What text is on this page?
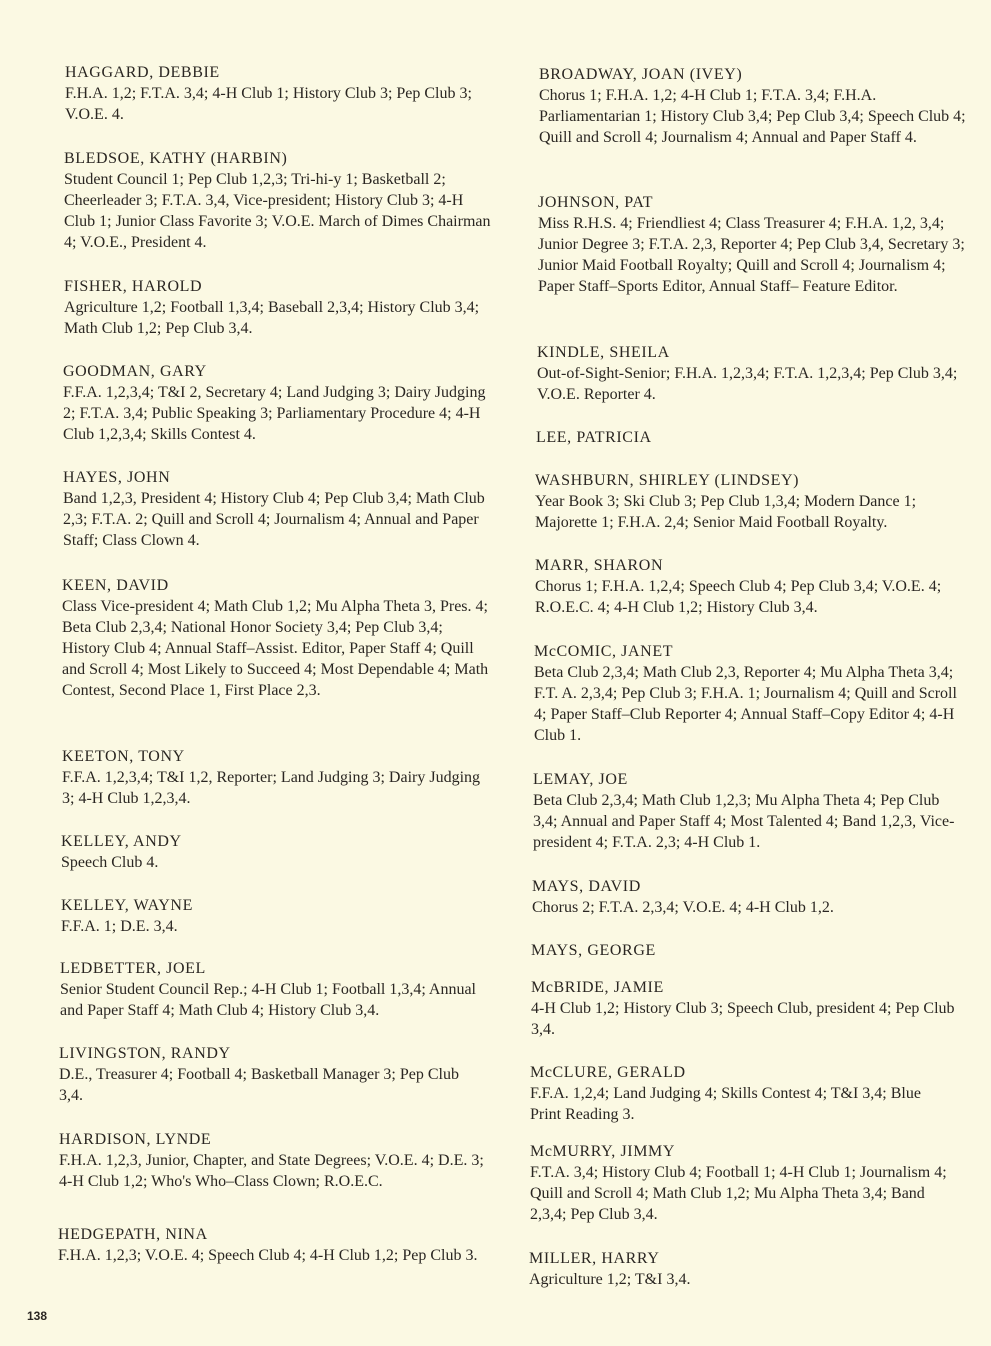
HAGGARD, DEBBIE
F.H.A. 1,2; F.T.A. 3,4; 4-H Club 1; History Club 3; Pep Club 3; V.O.E. 4.
BLEDSOE, KATHY (HARBIN)
Student Council 1; Pep Club 1,2,3; Tri-hi-y 1; Basketball 2; Cheerleader 3; F.T.A. 3,4, Vice-president; History Club 3; 4-H Club 1; Junior Class Favorite 3; V.O.E. March of Dimes Chairman 4; V.O.E., President 4.
FISHER, HAROLD
Agriculture 1,2; Football 1,3,4; Baseball 2,3,4; History Club 3,4; Math Club 1,2; Pep Club 3,4.
GOODMAN, GARY
F.F.A. 1,2,3,4; T&I 2, Secretary 4; Land Judging 3; Dairy Judging 2; F.T.A. 3,4; Public Speaking 3; Parliamentary Procedure 4; 4-H Club 1,2,3,4; Skills Contest 4.
HAYES, JOHN
Band 1,2,3, President 4; History Club 4; Pep Club 3,4; Math Club 2,3; F.T.A. 2; Quill and Scroll 4; Journalism 4; Annual and Paper Staff; Class Clown 4.
KEEN, DAVID
Class Vice-president 4; Math Club 1,2; Mu Alpha Theta 3, Pres. 4; Beta Club 2,3,4; National Honor Society 3,4; Pep Club 3,4; History Club 4; Annual Staff–Assist. Editor, Paper Staff 4; Quill and Scroll 4; Most Likely to Succeed 4; Most Dependable 4; Math Contest, Second Place 1, First Place 2,3.
KEETON, TONY
F.F.A. 1,2,3,4; T&I 1,2, Reporter; Land Judging 3; Dairy Judging 3; 4-H Club 1,2,3,4.
KELLEY, ANDY
Speech Club 4.
KELLEY, WAYNE
F.F.A. 1; D.E. 3,4.
LEDBETTER, JOEL
Senior Student Council Rep.; 4-H Club 1; Football 1,3,4; Annual and Paper Staff 4; Math Club 4; History Club 3,4.
LIVINGSTON, RANDY
D.E., Treasurer 4; Football 4; Basketball Manager 3; Pep Club 3,4.
HARDISON, LYNDE
F.H.A. 1,2,3, Junior, Chapter, and State Degrees; V.O.E. 4; D.E. 3; 4-H Club 1,2; Who's Who–Class Clown; R.O.E.C.
HEDGEPATH, NINA
F.H.A. 1,2,3; V.O.E. 4; Speech Club 4; 4-H Club 1,2; Pep Club 3.
BROADWAY, JOAN (IVEY)
Chorus 1; F.H.A. 1,2; 4-H Club 1; F.T.A. 3,4; F.H.A. Parliamentarian 1; History Club 3,4; Pep Club 3,4; Speech Club 4; Quill and Scroll 4; Journalism 4; Annual and Paper Staff 4.
JOHNSON, PAT
Miss R.H.S. 4; Friendliest 4; Class Treasurer 4; F.H.A. 1,2, 3,4; Junior Degree 3; F.T.A. 2,3, Reporter 4; Pep Club 3,4, Secretary 3; Junior Maid Football Royalty; Quill and Scroll 4; Journalism 4; Paper Staff–Sports Editor, Annual Staff– Feature Editor.
KINDLE, SHEILA
Out-of-Sight-Senior; F.H.A. 1,2,3,4; F.T.A. 1,2,3,4; Pep Club 3,4; V.O.E. Reporter 4.
LEE, PATRICIA
WASHBURN, SHIRLEY (LINDSEY)
Year Book 3; Ski Club 3; Pep Club 1,3,4; Modern Dance 1; Majorette 1; F.H.A. 2,4; Senior Maid Football Royalty.
MARR, SHARON
Chorus 1; F.H.A. 1,2,4; Speech Club 4; Pep Club 3,4; V.O.E. 4; R.O.E.C. 4; 4-H Club 1,2; History Club 3,4.
McCOMIC, JANET
Beta Club 2,3,4; Math Club 2,3, Reporter 4; Mu Alpha Theta 3,4; F.T. A. 2,3,4; Pep Club 3; F.H.A. 1; Journalism 4; Quill and Scroll 4; Paper Staff–Club Reporter 4; Annual Staff–Copy Editor 4; 4-H Club 1.
LEMAY, JOE
Beta Club 2,3,4; Math Club 1,2,3; Mu Alpha Theta 4; Pep Club 3,4; Annual and Paper Staff 4; Most Talented 4; Band 1,2,3, Vice-president 4; F.T.A. 2,3; 4-H Club 1.
MAYS, DAVID
Chorus 2; F.T.A. 2,3,4; V.O.E. 4; 4-H Club 1,2.
MAYS, GEORGE
McBRIDE, JAMIE
4-H Club 1,2; History Club 3; Speech Club, president 4; Pep Club 3,4.
McCLURE, GERALD
F.F.A. 1,2,4; Land Judging 4; Skills Contest 4; T&I 3,4; Blue Print Reading 3.
McMURRY, JIMMY
F.T.A. 3,4; History Club 4; Football 1; 4-H Club 1; Journalism 4; Quill and Scroll 4; Math Club 1,2; Mu Alpha Theta 3,4; Band 2,3,4; Pep Club 3,4.
MILLER, HARRY
Agriculture 1,2; T&I 3,4.
138
